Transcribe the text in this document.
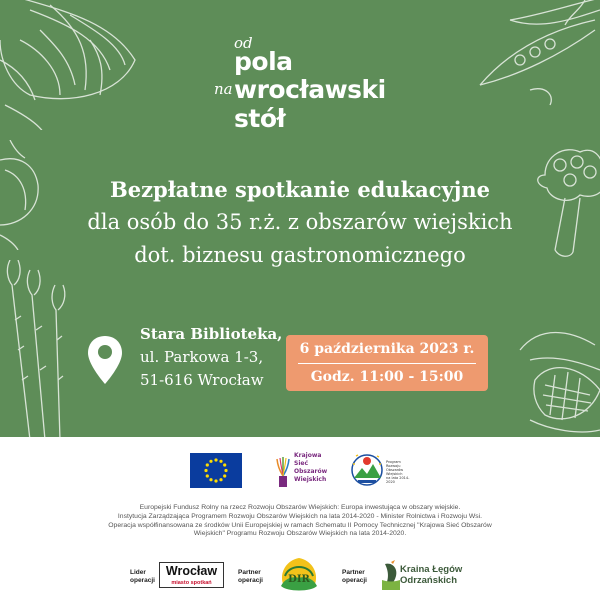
od
pola
na wrocławski
stół
Bezpłatne spotkanie edukacyjne
dla osób do 35 r.ż. z obszarów wiejskich
dot. biznesu gastronomicznego
Stara Biblioteka,
ul. Parkowa 1-3,
51-616 Wrocław
6 października 2023 r.
Godz. 11:00 - 15:00
Krajowa
Sieć
Obszarów
Wiejskich
Program
Rozwoju
Obszarów
Wiejskich
na lata 2014-2020
Europejski Fundusz Rolny na rzecz Rozwoju Obszarów Wiejskich: Europa inwestująca w obszary wiejskie.
Instytucja Zarządzająca Programem Rozwoju Obszarów Wiejskich na lata 2014-2020 - Minister Rolnictwa i Rozwoju Wsi.
Operacja współfinansowana ze środków Unii Europejskiej w ramach Schematu II Pomocy Technicznej "Krajowa Sieć Obszarów
Wiejskich" Programu Rozwoju Obszarów Wiejskich na lata 2014-2020.
Lider
operacji
Wrocław
miasto spotkań
Partner
operacji	DIR
Partner
operacji
Kraina Łęgów
Odrzańskich
